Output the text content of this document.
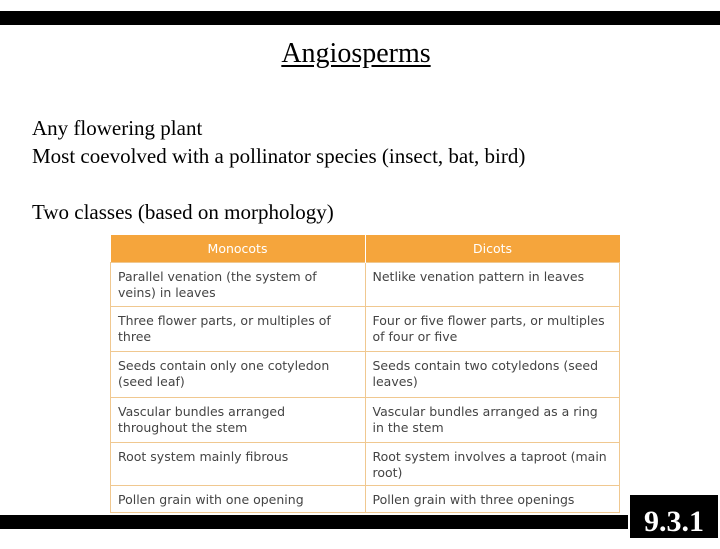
Angiosperms
Any flowering plant
Most coevolved with a pollinator species (insect, bat, bird)
Two classes (based on morphology)
Monocots	Dicots
Parallel venation (the system of veins) in leaves	Netlike venation pattern in leaves
Three flower parts, or multiples of three	Four or five flower parts, or multiples of four or five
Seeds contain only one cotyledon (seed leaf)	Seeds contain two cotyledons (seed leaves)
Vascular bundles arranged throughout the stem	Vascular bundles arranged as a ring in the stem
Root system mainly fibrous	Root system involves a taproot (main root)
Pollen grain with one opening	Pollen grain with three openings
9.3.1
